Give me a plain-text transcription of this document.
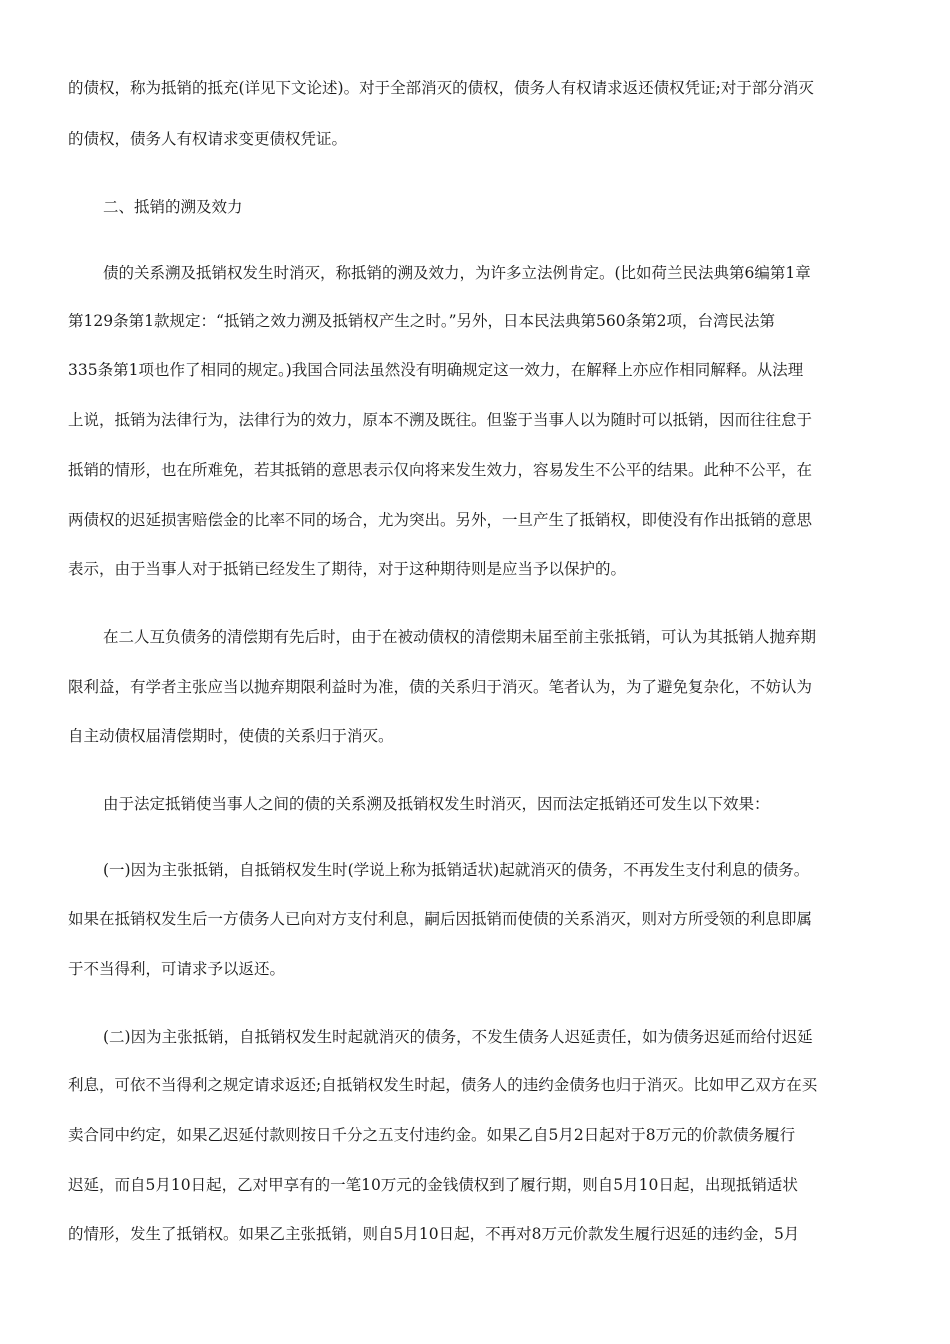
的债权，称为抵销的抵充(详见下文论述)。对于全部消灭的债权，债务人有权请求返还债权凭证;对于部分消灭
的债权，债务人有权请求变更债权凭证。
二、抵销的溯及效力
债的关系溯及抵销权发生时消灭，称抵销的溯及效力，为许多立法例肯定。(比如荷兰民法典第6编第1章
第129条第1款规定：“抵销之效力溯及抵销权产生之时。”另外，日本民法典第560条第2项，台湾民法第
335条第1项也作了相同的规定。)我国合同法虽然没有明确规定这一效力，在解释上亦应作相同解释。从法理
上说，抵销为法律行为，法律行为的效力，原本不溯及既往。但鉴于当事人以为随时可以抵销，因而往往怠于
抵销的情形，也在所难免，若其抵销的意思表示仅向将来发生效力，容易发生不公平的结果。此种不公平，在
两债权的迟延损害赔偿金的比率不同的场合，尤为突出。另外，一旦产生了抵销权，即使没有作出抵销的意思
表示，由于当事人对于抵销已经发生了期待，对于这种期待则是应当予以保护的。
在二人互负债务的清偿期有先后时，由于在被动债权的清偿期未届至前主张抵销，可认为其抵销人抛弃期
限利益，有学者主张应当以抛弃期限利益时为准，债的关系归于消灭。笔者认为，为了避免复杂化，不妨认为
自主动债权届清偿期时，使债的关系归于消灭。
由于法定抵销使当事人之间的债的关系溯及抵销权发生时消灭，因而法定抵销还可发生以下效果：
(一)因为主张抵销，自抵销权发生时(学说上称为抵销适状)起就消灭的债务，不再发生支付利息的债务。
如果在抵销权发生后一方债务人已向对方支付利息，嗣后因抵销而使债的关系消灭，则对方所受领的利息即属
于不当得利，可请求予以返还。
(二)因为主张抵销，自抵销权发生时起就消灭的债务，不发生债务人迟延责任，如为债务迟延而给付迟延
利息，可依不当得利之规定请求返还;自抵销权发生时起，债务人的违约金债务也归于消灭。比如甲乙双方在买
卖合同中约定，如果乙迟延付款则按日千分之五支付违约金。如果乙自5月2日起对于8万元的价款债务履行
迟延，而自5月10日起，乙对甲享有的一笔10万元的金钱债权到了履行期，则自5月10日起，出现抵销适状
的情形，发生了抵销权。如果乙主张抵销，则自5月10日起，不再对8万元价款发生履行迟延的违约金，5月
